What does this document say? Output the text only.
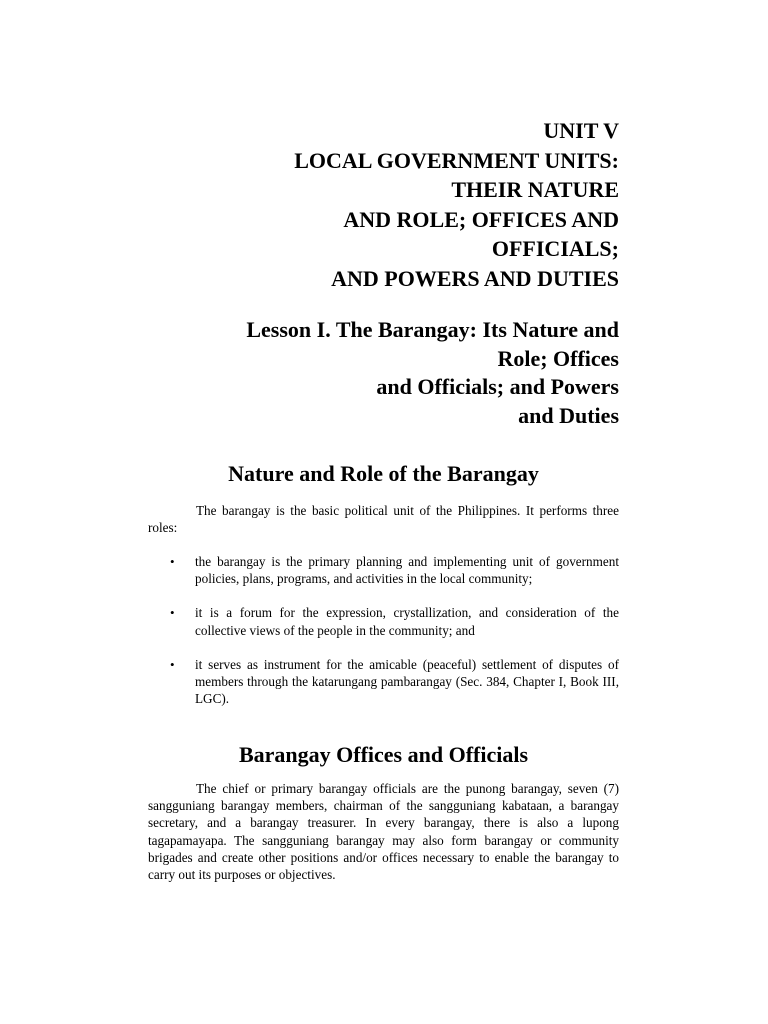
UNIT V
LOCAL GOVERNMENT UNITS:
THEIR NATURE
AND ROLE; OFFICES AND
OFFICIALS;
AND POWERS AND DUTIES
Lesson I. The Barangay: Its Nature and
Role; Offices
and Officials; and Powers
and Duties
Nature and Role of the Barangay

The barangay is the basic political unit of the Philippines. It performs three roles:

• the barangay is the primary planning and implementing unit of government policies, plans, programs, and activities in the local community;
• it is a forum for the expression, crystallization, and consideration of the collective views of the people in the community; and
• it serves as instrument for the amicable (peaceful) settlement of disputes of members through the katarungang pambarangay (Sec. 384, Chapter I, Book III, LGC).
Barangay Offices and Officials

The chief or primary barangay officials are the punong barangay, seven (7) sangguniang barangay members, chairman of the sangguniang kabataan, a barangay secretary, and a barangay treasurer. In every barangay, there is also a lupong tagapamayapa. The sangguniang barangay may also form barangay or community brigades and create other positions and/or offices necessary to enable the barangay to carry out its purposes or objectives.
